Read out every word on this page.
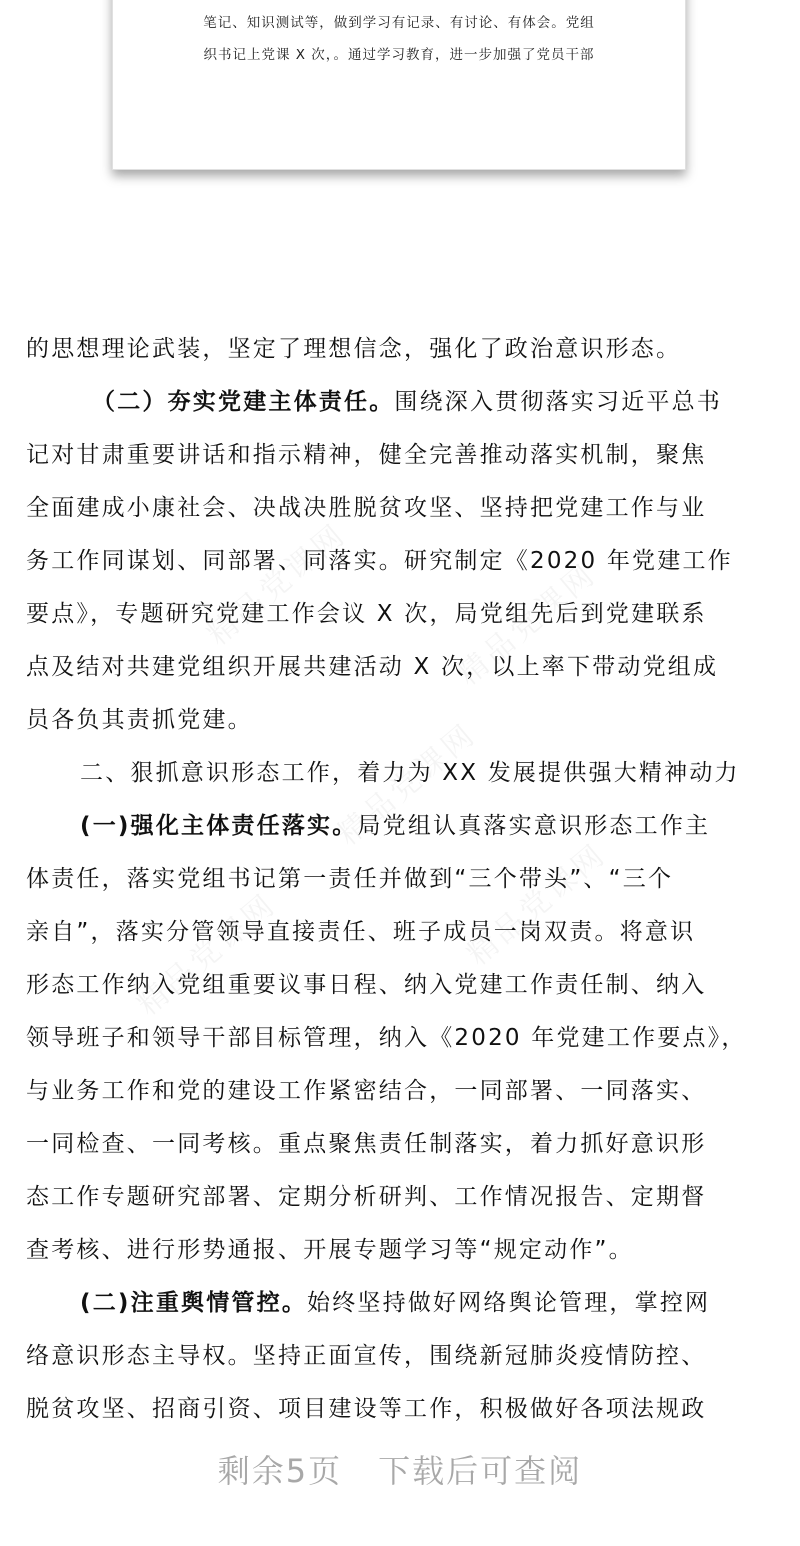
笔记、知识测试等，做到学习有记录、有讨论、有体会。党组
织书记上党课 X 次，。通过学习教育，进一步加强了党员干部
的思想理论武装，坚定了理想信念，强化了政治意识形态。
（二）夯实党建主体责任。围绕深入贯彻落实习近平总书
记对甘肃重要讲话和指示精神，健全完善推动落实机制，聚焦
全面建成小康社会、决战决胜脱贫攻坚、坚持把党建工作与业
务工作同谋划、同部署、同落实。研究制定《2020 年党建工作
要点》，专题研究党建工作会议 X 次，局党组先后到党建联系
点及结对共建党组织开展共建活动 X 次，以上率下带动党组成
员各负其责抓党建。
二、狠抓意识形态工作，着力为 XX 发展提供强大精神动力
(一)强化主体责任落实。局党组认真落实意识形态工作主
体责任，落实党组书记第一责任并做到“三个带头”、“三个
亲自”，落实分管领导直接责任、班子成员一岗双责。将意识
形态工作纳入党组重要议事日程、纳入党建工作责任制、纳入
领导班子和领导干部目标管理，纳入《2020 年党建工作要点》，
与业务工作和党的建设工作紧密结合，一同部署、一同落实、
一同检查、一同考核。重点聚焦责任制落实，着力抓好意识形
态工作专题研究部署、定期分析研判、工作情况报告、定期督
查考核、进行形势通报、开展专题学习等“规定动作”。
(二)注重舆情管控。始终坚持做好网络舆论管理，掌控网
络意识形态主导权。坚持正面宣传，围绕新冠肺炎疫情防控、
脱贫攻坚、招商引资、项目建设等工作，积极做好各项法规政
剩余5页 下载后可查阅
